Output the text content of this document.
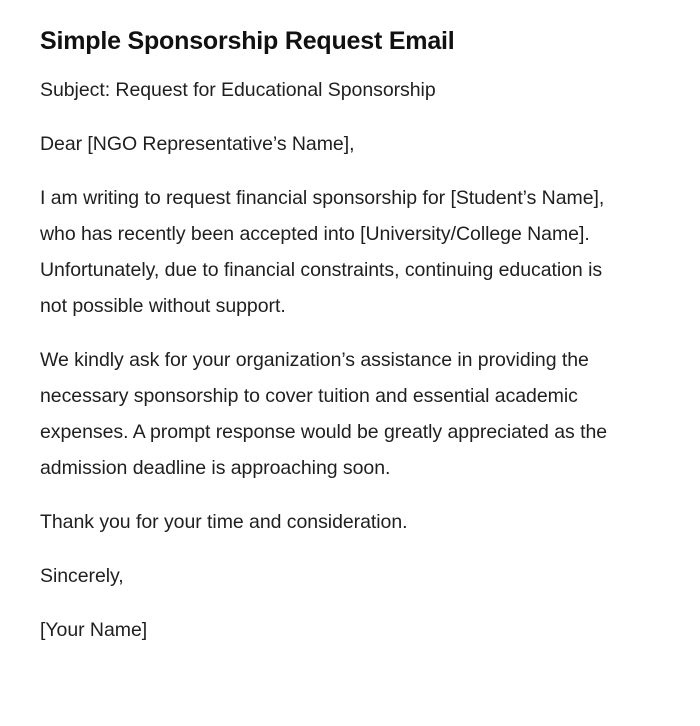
Simple Sponsorship Request Email

Subject: Request for Educational Sponsorship

Dear [NGO Representative’s Name],

I am writing to request financial sponsorship for [Student’s Name], who has recently been accepted into [University/College Name]. Unfortunately, due to financial constraints, continuing education is not possible without support.

We kindly ask for your organization’s assistance in providing the necessary sponsorship to cover tuition and essential academic expenses. A prompt response would be greatly appreciated as the admission deadline is approaching soon.

Thank you for your time and consideration.

Sincerely,

[Your Name]
